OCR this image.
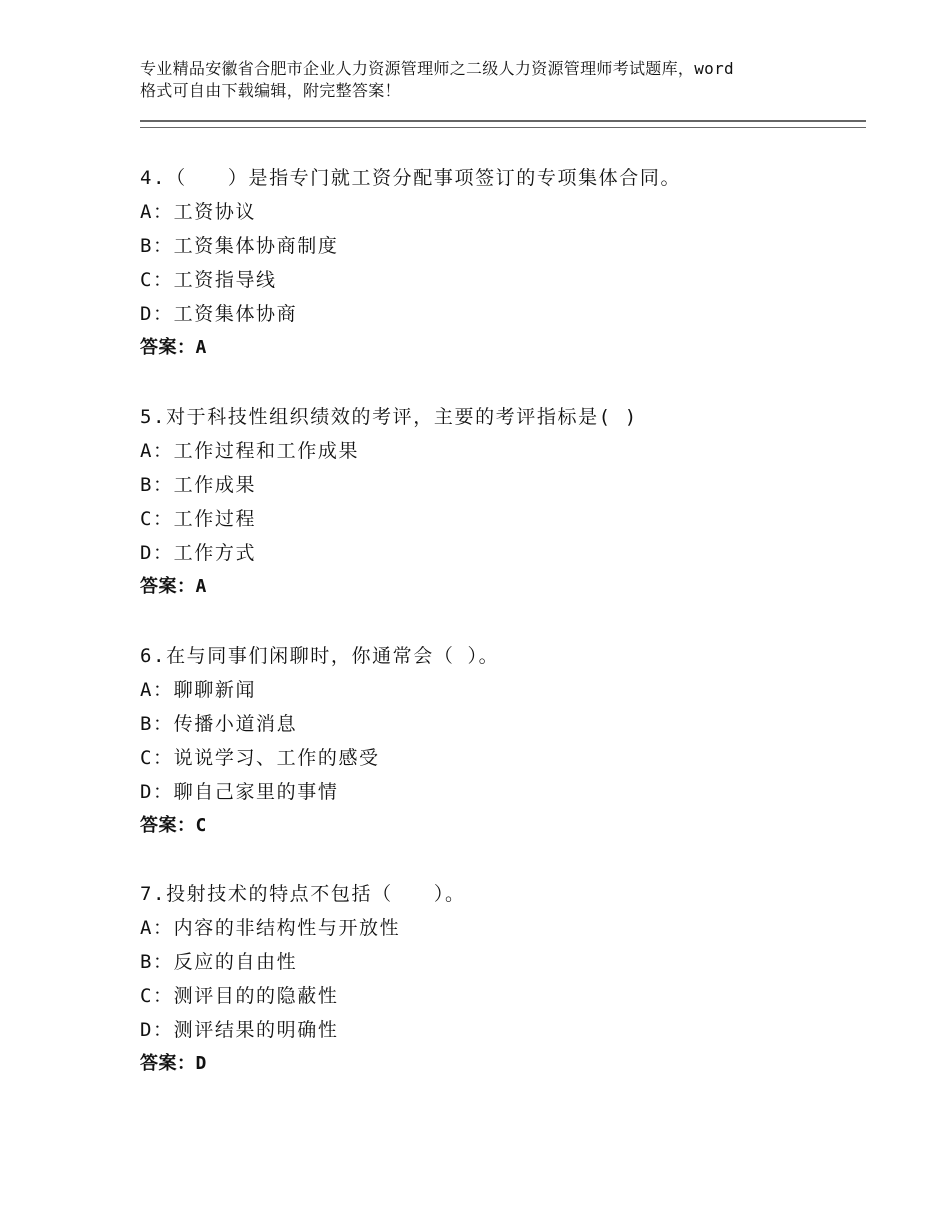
专业精品安徽省合肥市企业人力资源管理师之二级人力资源管理师考试题库，word
格式可自由下载编辑，附完整答案！
4.（　　）是指专门就工资分配事项签订的专项集体合同。
A：工资协议
B：工资集体协商制度
C：工资指导线
D：工资集体协商
答案：A
5.对于科技性组织绩效的考评，主要的考评指标是( )
A：工作过程和工作成果
B：工作成果
C：工作过程
D：工作方式
答案：A
6.在与同事们闲聊时，你通常会（ ）。
A：聊聊新闻
B：传播小道消息
C：说说学习、工作的感受
D：聊自己家里的事情
答案：C
7.投射技术的特点不包括（　　）。
A：内容的非结构性与开放性
B：反应的自由性
C：测评目的的隐蔽性
D：测评结果的明确性
答案：D
